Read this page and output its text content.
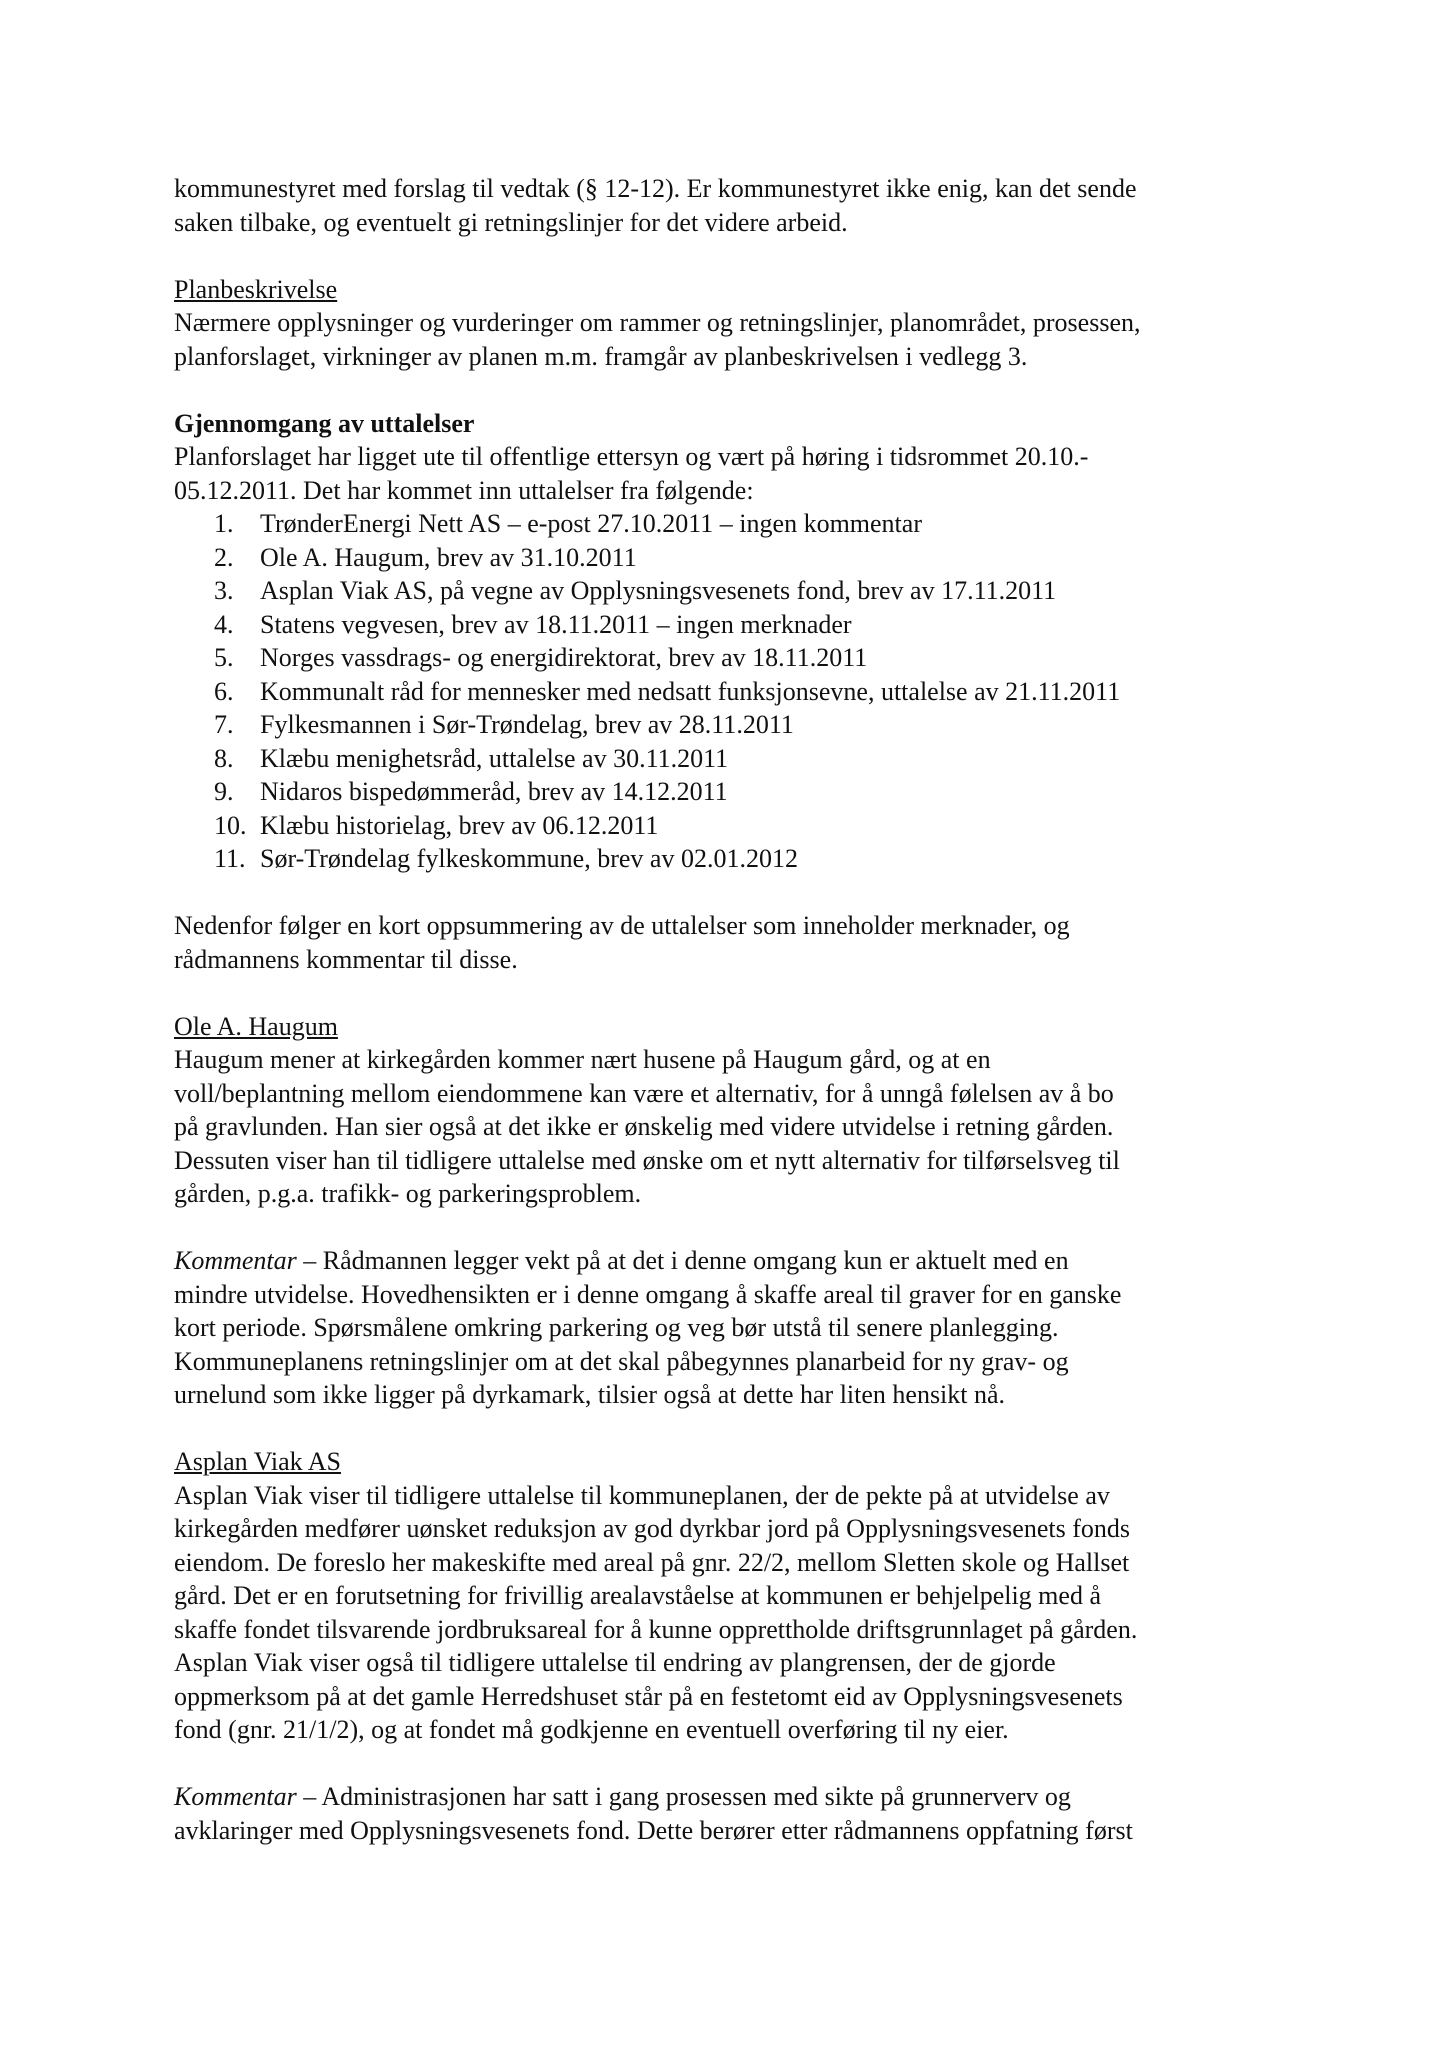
kommunestyret med forslag til vedtak (§ 12-12). Er kommunestyret ikke enig, kan det sende
saken tilbake, og eventuelt gi retningslinjer for det videre arbeid.

Planbeskrivelse

Nærmere opplysninger og vurderinger om rammer og retningslinjer, planområdet, prosessen,
planforslaget, virkninger av planen m.m. framgår av planbeskrivelsen i vedlegg 3.

Gjennomgang av uttalelser

Planforslaget har ligget ute til offentlige ettersyn og vært på høring i tidsrommet 20.10.-
05.12.2011. Det har kommet inn uttalelser fra følgende:

1.	TrønderEnergi Nett AS – e-post 27.10.2011 – ingen kommentar
2.	Ole A. Haugum, brev av 31.10.2011
3.	Asplan Viak AS, på vegne av Opplysningsvesenets fond, brev av 17.11.2011
4.	Statens vegvesen, brev av 18.11.2011 – ingen merknader
5.	Norges vassdrags- og energidirektorat, brev av 18.11.2011
6.	Kommunalt råd for mennesker med nedsatt funksjonsevne, uttalelse av 21.11.2011
7.	Fylkesmannen i Sør-Trøndelag, brev av 28.11.2011
8.	Klæbu menighetsråd, uttalelse av 30.11.2011
9.	Nidaros bispedømmeråd, brev av 14.12.2011
10. Klæbu historielag, brev av 06.12.2011
11. Sør-Trøndelag fylkeskommune, brev av 02.01.2012

Nedenfor følger en kort oppsummering av de uttalelser som inneholder merknader, og
rådmannens kommentar til disse.

Ole A. Haugum

Haugum mener at kirkegården kommer nært husene på Haugum gård, og at en
voll/beplantning mellom eiendommene kan være et alternativ, for å unngå følelsen av å bo
på gravlunden. Han sier også at det ikke er ønskelig med videre utvidelse i retning gården.
Dessuten viser han til tidligere uttalelse med ønske om et nytt alternativ for tilførselsveg til
gården, p.g.a. trafikk- og parkeringsproblem.

Kommentar – Rådmannen legger vekt på at det i denne omgang kun er aktuelt med en
mindre utvidelse. Hovedhensikten er i denne omgang å skaffe areal til graver for en ganske
kort periode. Spørsmålene omkring parkering og veg bør utstå til senere planlegging.
Kommuneplanens retningslinjer om at det skal påbegynnes planarbeid for ny grav- og
urnelund som ikke ligger på dyrkamark, tilsier også at dette har liten hensikt nå.

Asplan Viak AS

Asplan Viak viser til tidligere uttalelse til kommuneplanen, der de pekte på at utvidelse av
kirkegården medfører uønsket reduksjon av god dyrkbar jord på Opplysningsvesenets fonds
eiendom. De foreslo her makeskifte med areal på gnr. 22/2, mellom Sletten skole og Hallset
gård. Det er en forutsetning for frivillig arealavståelse at kommunen er behjelpelig med å
skaffe fondet tilsvarende jordbruksareal for å kunne opprettholde driftsgrunnlaget på gården.
Asplan Viak viser også til tidligere uttalelse til endring av plangrensen, der de gjorde
oppmerksom på at det gamle Herredshuset står på en festetomt eid av Opplysningsvesenets
fond (gnr. 21/1/2), og at fondet må godkjenne en eventuell overføring til ny eier.

Kommentar – Administrasjonen har satt i gang prosessen med sikte på grunnerverv og
avklaringer med Opplysningsvesenets fond. Dette berører etter rådmannens oppfatning først
